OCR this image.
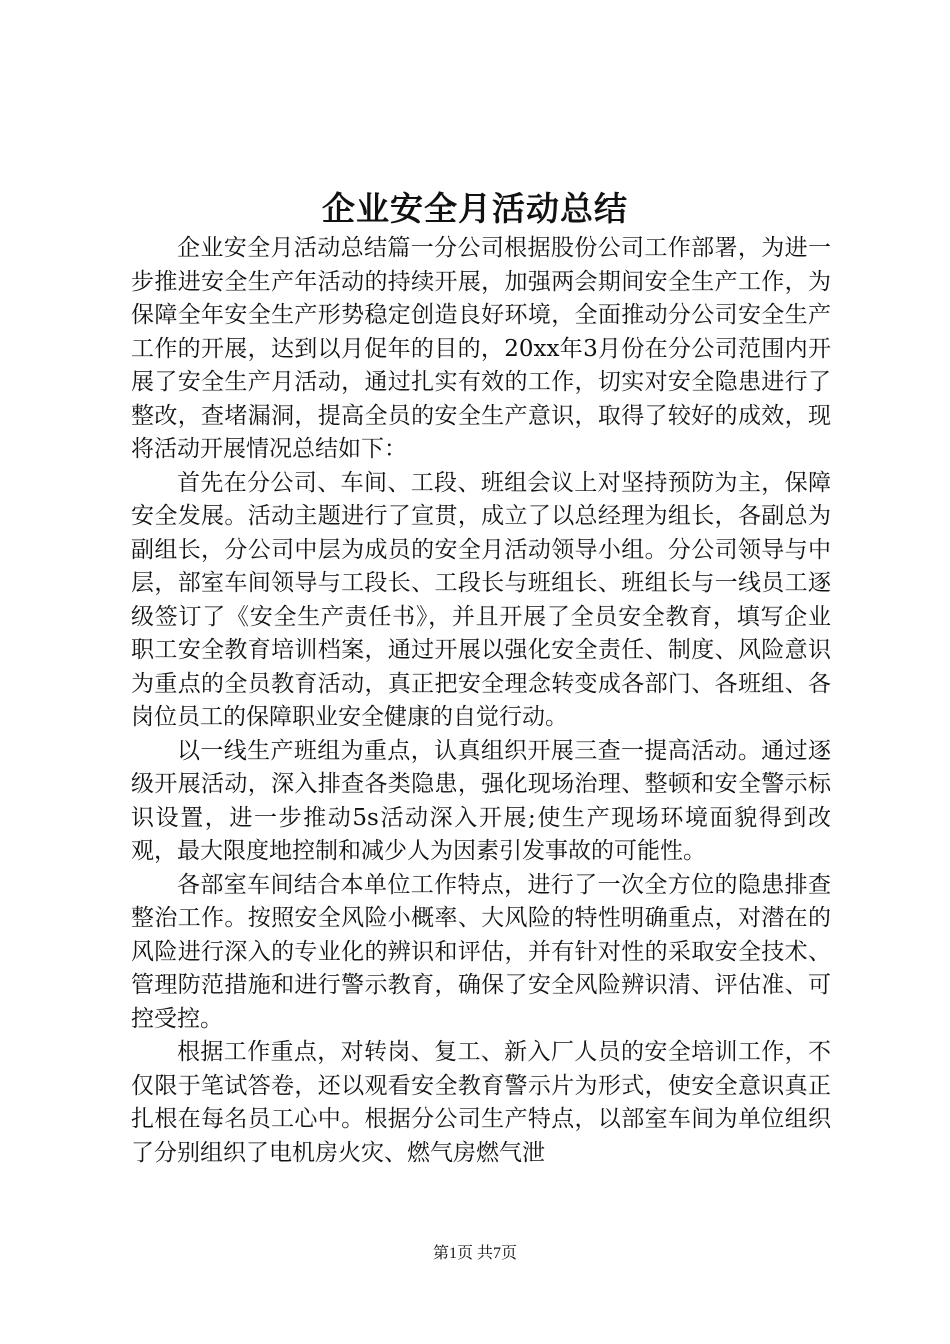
企业安全月活动总结

企业安全月活动总结篇一分公司根据股份公司工作部署，为进一步推进安全生产年活动的持续开展，加强两会期间安全生产工作，为保障全年安全生产形势稳定创造良好环境，全面推动分公司安全生产工作的开展，达到以月促年的目的，20xx年3月份在分公司范围内开展了安全生产月活动，通过扎实有效的工作，切实对安全隐患进行了整改，查堵漏洞，提高全员的安全生产意识，取得了较好的成效，现将活动开展情况总结如下：

首先在分公司、车间、工段、班组会议上对坚持预防为主，保障安全发展。活动主题进行了宣贯，成立了以总经理为组长，各副总为副组长，分公司中层为成员的安全月活动领导小组。分公司领导与中层，部室车间领导与工段长、工段长与班组长、班组长与一线员工逐级签订了《安全生产责任书》，并且开展了全员安全教育，填写企业职工安全教育培训档案，通过开展以强化安全责任、制度、风险意识为重点的全员教育活动，真正把安全理念转变成各部门、各班组、各岗位员工的保障职业安全健康的自觉行动。

以一线生产班组为重点，认真组织开展三查一提高活动。通过逐级开展活动，深入排查各类隐患，强化现场治理、整顿和安全警示标识设置，进一步推动5s活动深入开展;使生产现场环境面貌得到改观，最大限度地控制和减少人为因素引发事故的可能性。

各部室车间结合本单位工作特点，进行了一次全方位的隐患排查整治工作。按照安全风险小概率、大风险的特性明确重点，对潜在的风险进行深入的专业化的辨识和评估，并有针对性的采取安全技术、管理防范措施和进行警示教育，确保了安全风险辨识清、评估准、可控受控。

根据工作重点，对转岗、复工、新入厂人员的安全培训工作，不仅限于笔试答卷，还以观看安全教育警示片为形式，使安全意识真正扎根在每名员工心中。根据分公司生产特点，以部室车间为单位组织了分别组织了电机房火灾、燃气房燃气泄

第1页 共7页
